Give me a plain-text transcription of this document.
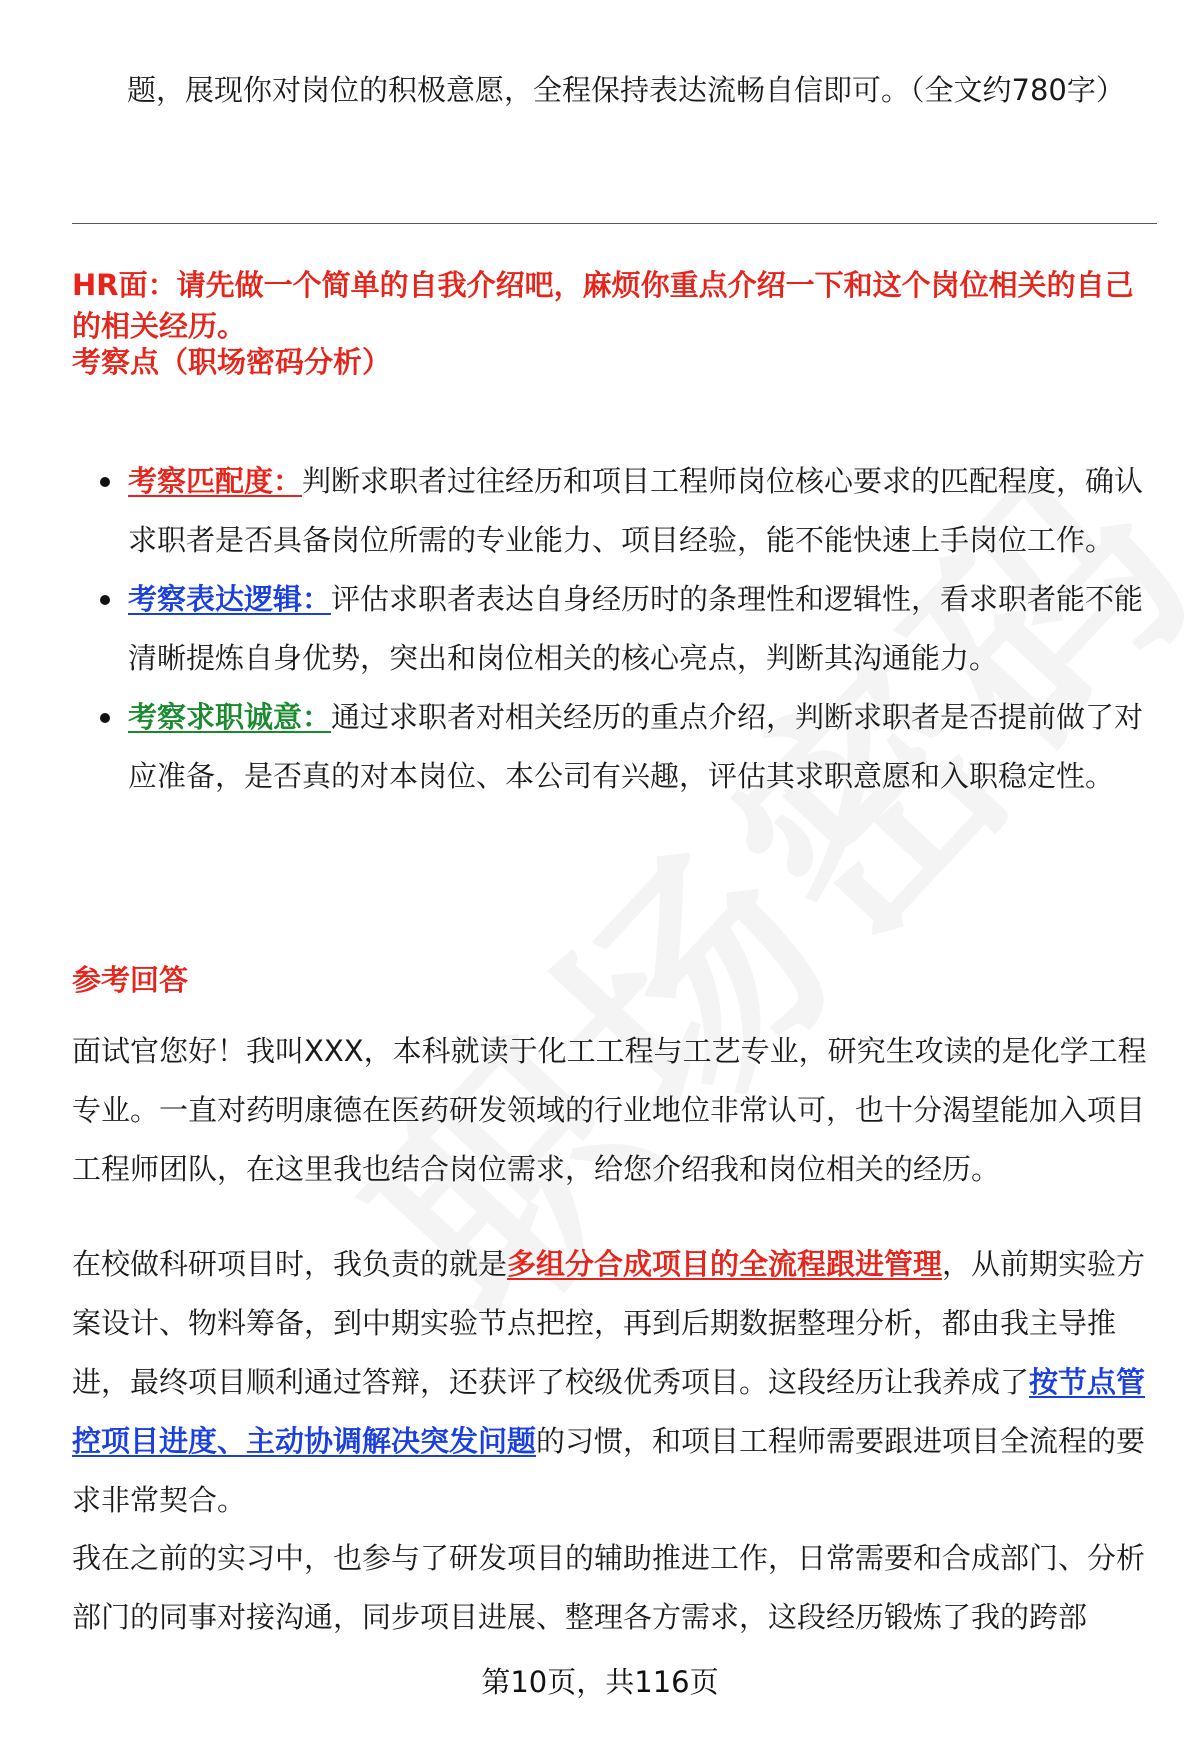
题，展现你对岗位的积极意愿，全程保持表达流畅自信即可。（全文约780字）
HR面：请先做一个简单的自我介绍吧，麻烦你重点介绍一下和这个岗位相关的自己的相关经历。
考察点（职场密码分析）
考察匹配度：判断求职者过往经历和项目工程师岗位核心要求的匹配程度，确认求职者是否具备岗位所需的专业能力、项目经验，能不能快速上手岗位工作。
考察表达逻辑：评估求职者表达自身经历时的条理性和逻辑性，看求职者能不能清晰提炼自身优势，突出和岗位相关的核心亮点，判断其沟通能力。
考察求职诚意：通过求职者对相关经历的重点介绍，判断求职者是否提前做了对应准备，是否真的对本岗位、本公司有兴趣，评估其求职意愿和入职稳定性。
参考回答
面试官您好！我叫XXX，本科就读于化工工程与工艺专业，研究生攻读的是化学工程专业。一直对药明康德在医药研发领域的行业地位非常认可，也十分渴望能加入项目工程师团队，在这里我也结合岗位需求，给您介绍我和岗位相关的经历。
在校做科研项目时，我负责的就是多组分合成项目的全流程跟进管理，从前期实验方案设计、物料筹备，到中期实验节点把控，再到后期数据整理分析，都由我主导推进，最终项目顺利通过答辩，还获评了校级优秀项目。这段经历让我养成了按节点管控项目进度、主动协调解决突发问题的习惯，和项目工程师需要跟进项目全流程的要求非常契合。
我在之前的实习中，也参与了研发项目的辅助推进工作，日常需要和合成部门、分析部门的同事对接沟通，同步项目进展、整理各方需求，这段经历锻炼了我的跨部
第10页，共116页
